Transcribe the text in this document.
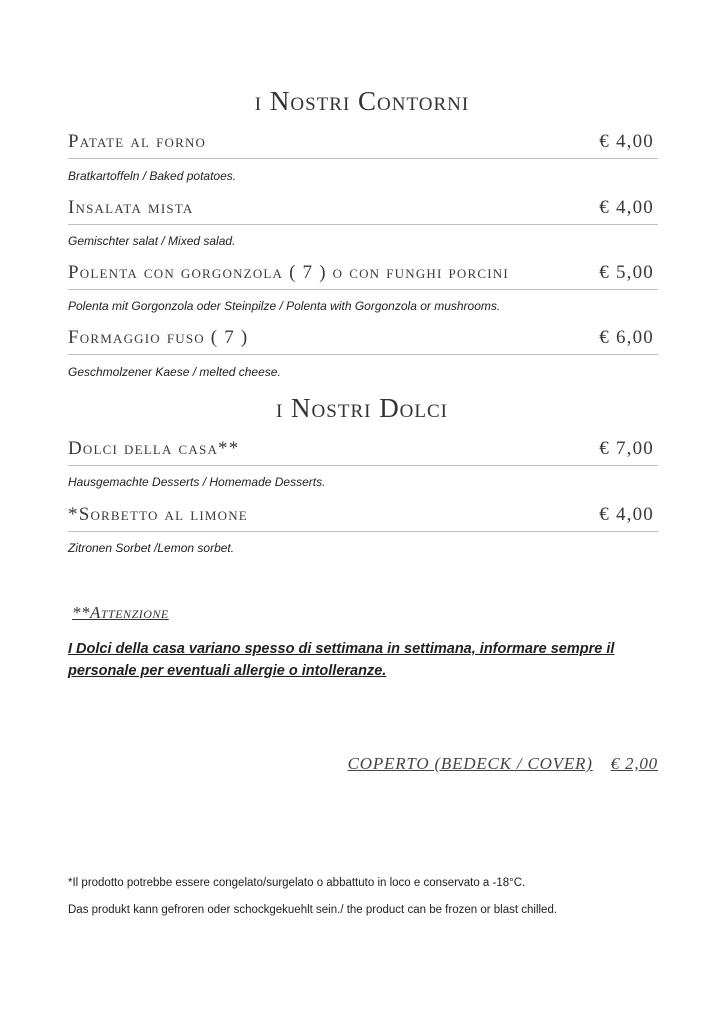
i Nostri Contorni
Patate al forno	€ 4,00
Bratkartoffeln / Baked potatoes.
Insalata mista	€ 4,00
Gemischter salat / Mixed salad.
Polenta con gorgonzola ( 7 ) o con funghi porcini	€ 5,00
Polenta mit Gorgonzola oder Steinpilze / Polenta with Gorgonzola or mushrooms.
Formaggio fuso ( 7 )	€ 6,00
Geschmolzener Kaese / melted cheese.
i Nostri Dolci
Dolci della casa**	€ 7,00
Hausgemachte Desserts / Homemade Desserts.
*Sorbetto al limone	€ 4,00
Zitronen Sorbet /Lemon sorbet.
**Attenzione
I Dolci della casa variano spesso di settimana in settimana, informare sempre il personale per eventuali allergie o intolleranze.
COPERTO (BEDECK / COVER) € 2,00
*Il prodotto potrebbe essere congelato/surgelato o abbattuto in loco e conservato a -18°C.
Das produkt kann gefroren oder schockgekuehlt sein./ the product can be frozen or blast chilled.
